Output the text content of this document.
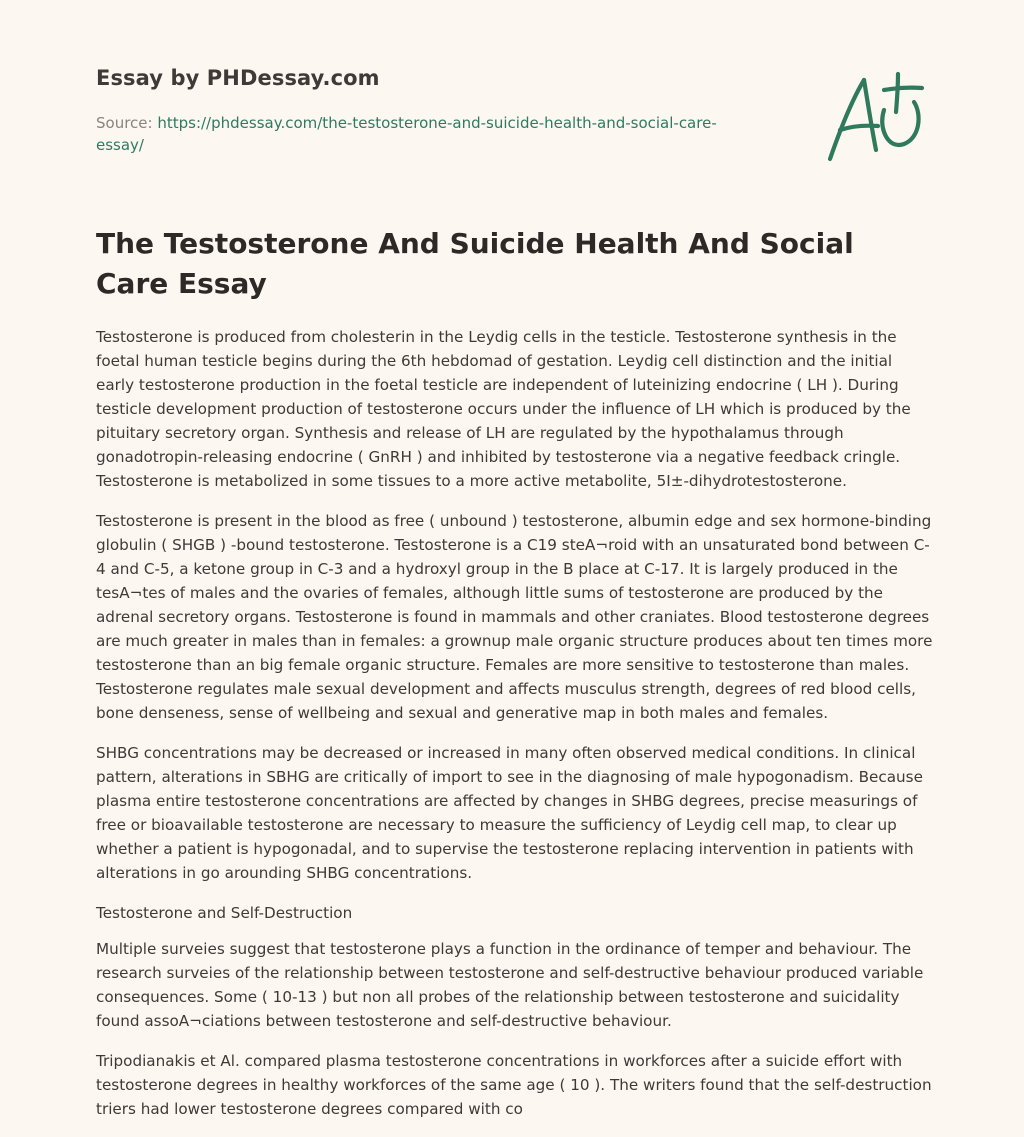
Essay by PHDessay.com
Source: https://phdessay.com/the-testosterone-and-suicide-health-and-social-care-essay/
The Testosterone And Suicide Health And Social Care Essay

Testosterone is produced from cholesterin in the Leydig cells in the testicle. Testosterone synthesis in the foetal human testicle begins during the 6th hebdomad of gestation. Leydig cell distinction and the initial early testosterone production in the foetal testicle are independent of luteinizing endocrine ( LH ). During testicle development production of testosterone occurs under the influence of LH which is produced by the pituitary secretory organ. Synthesis and release of LH are regulated by the hypothalamus through gonadotropin-releasing endocrine ( GnRH ) and inhibited by testosterone via a negative feedback cringle. Testosterone is metabolized in some tissues to a more active metabolite, 5I±-dihydrotestosterone.

Testosterone is present in the blood as free ( unbound ) testosterone, albumin edge and sex hormone-binding globulin ( SHGB ) -bound testosterone. Testosterone is a C19 steA¬roid with an unsaturated bond between C-4 and C-5, a ketone group in C-3 and a hydroxyl group in the B place at C-17. It is largely produced in the tesA¬tes of males and the ovaries of females, although little sums of testosterone are produced by the adrenal secretory organs. Testosterone is found in mammals and other craniates. Blood testosterone degrees are much greater in males than in females: a grownup male organic structure produces about ten times more testosterone than an big female organic structure. Females are more sensitive to testosterone than males. Testosterone regulates male sexual development and affects musculus strength, degrees of red blood cells, bone denseness, sense of wellbeing and sexual and generative map in both males and females.

SHBG concentrations may be decreased or increased in many often observed medical conditions. In clinical pattern, alterations in SBHG are critically of import to see in the diagnosing of male hypogonadism. Because plasma entire testosterone concentrations are affected by changes in SHBG degrees, precise measurings of free or bioavailable testosterone are necessary to measure the sufficiency of Leydig cell map, to clear up whether a patient is hypogonadal, and to supervise the testosterone replacing intervention in patients with alterations in go arounding SHBG concentrations.

Testosterone and Self-Destruction

Multiple surveies suggest that testosterone plays a function in the ordinance of temper and behaviour. The research surveies of the relationship between testosterone and self-destructive behaviour produced variable consequences. Some ( 10-13 ) but non all probes of the relationship between testosterone and suicidality found assoA¬ciations between testosterone and self-destructive behaviour.

Tripodianakis et Al. compared plasma testosterone concentrations in workforces after a suicide effort with testosterone degrees in healthy workforces of the same age ( 10 ). The writers found that the self-destruction triers had lower testosterone degrees compared with co
